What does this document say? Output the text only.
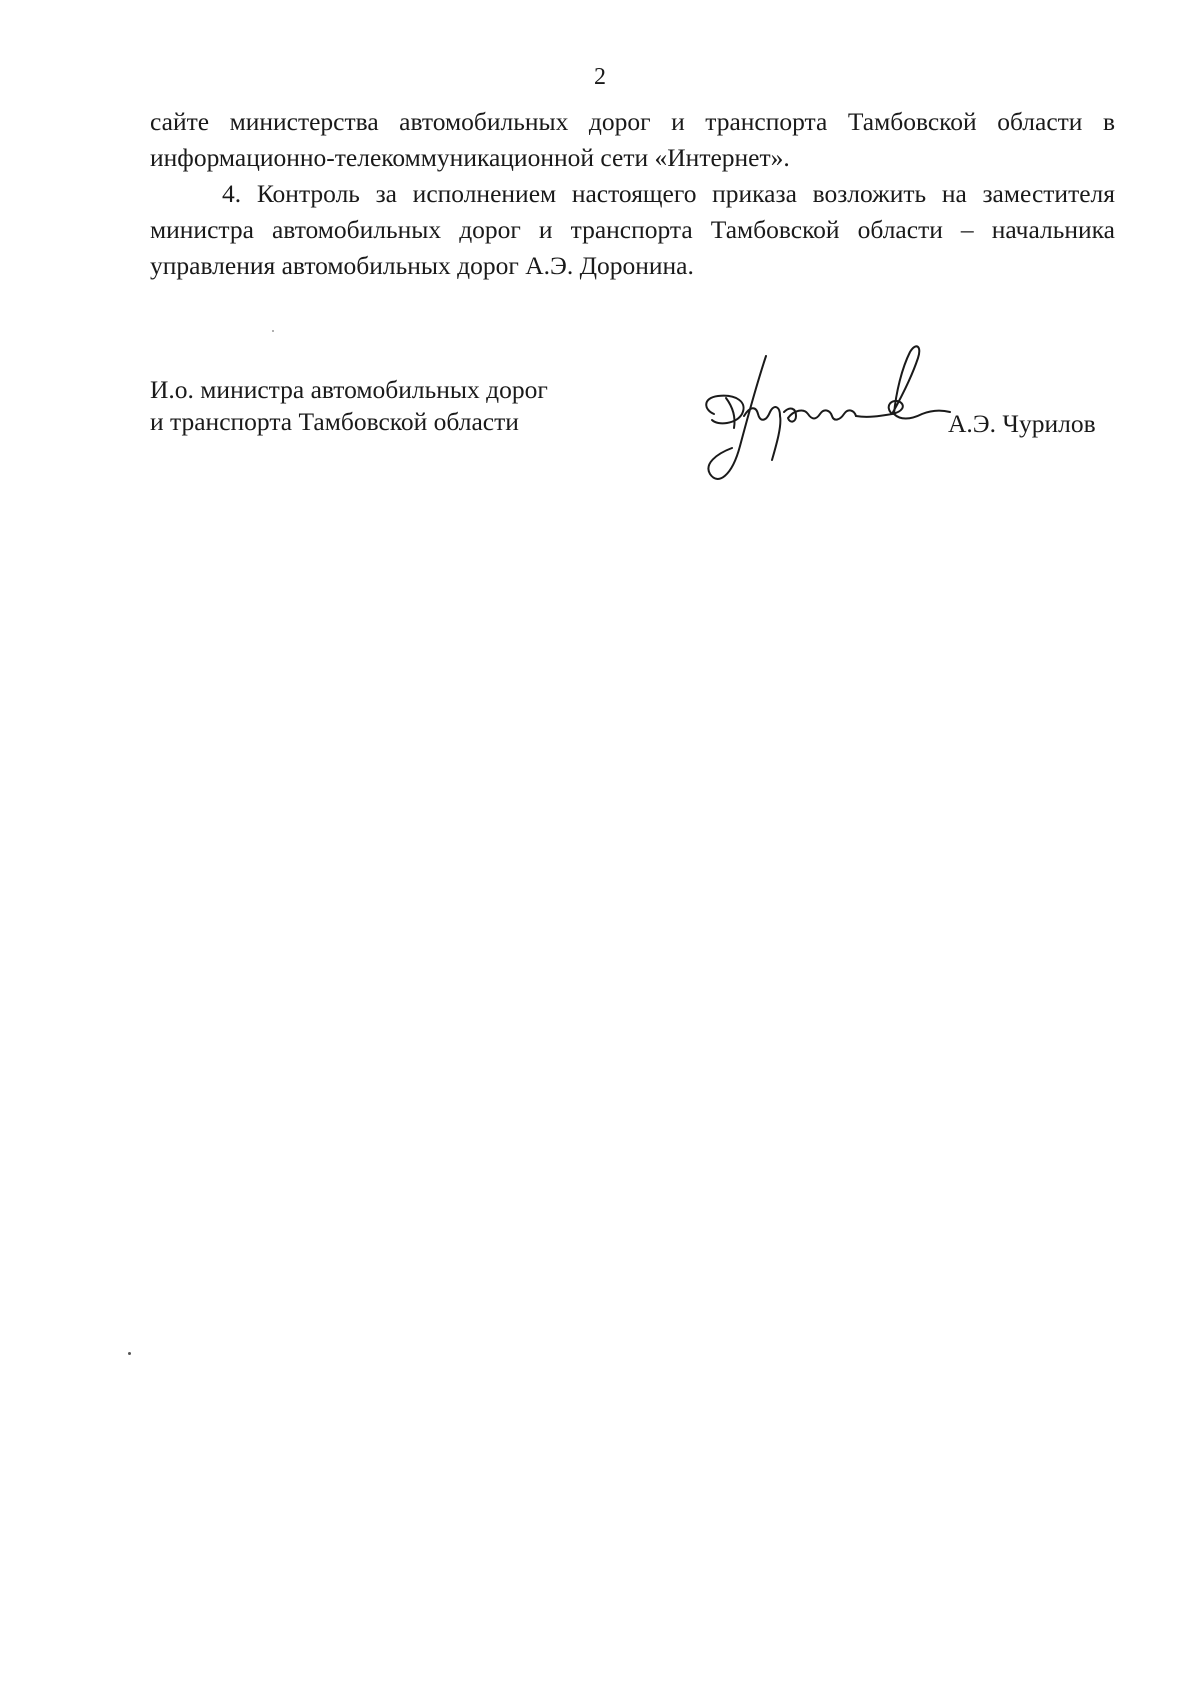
2

сайте министерства автомобильных дорог и транспорта Тамбовской области в информационно-телекоммуникационной сети «Интернет».

4. Контроль за исполнением настоящего приказа возложить на заместителя министра автомобильных дорог и транспорта Тамбовской области – начальника управления автомобильных дорог А.Э. Доронина.

И.о. министра автомобильных дорог
и транспорта Тамбовской области	А.Э. Чурилов
